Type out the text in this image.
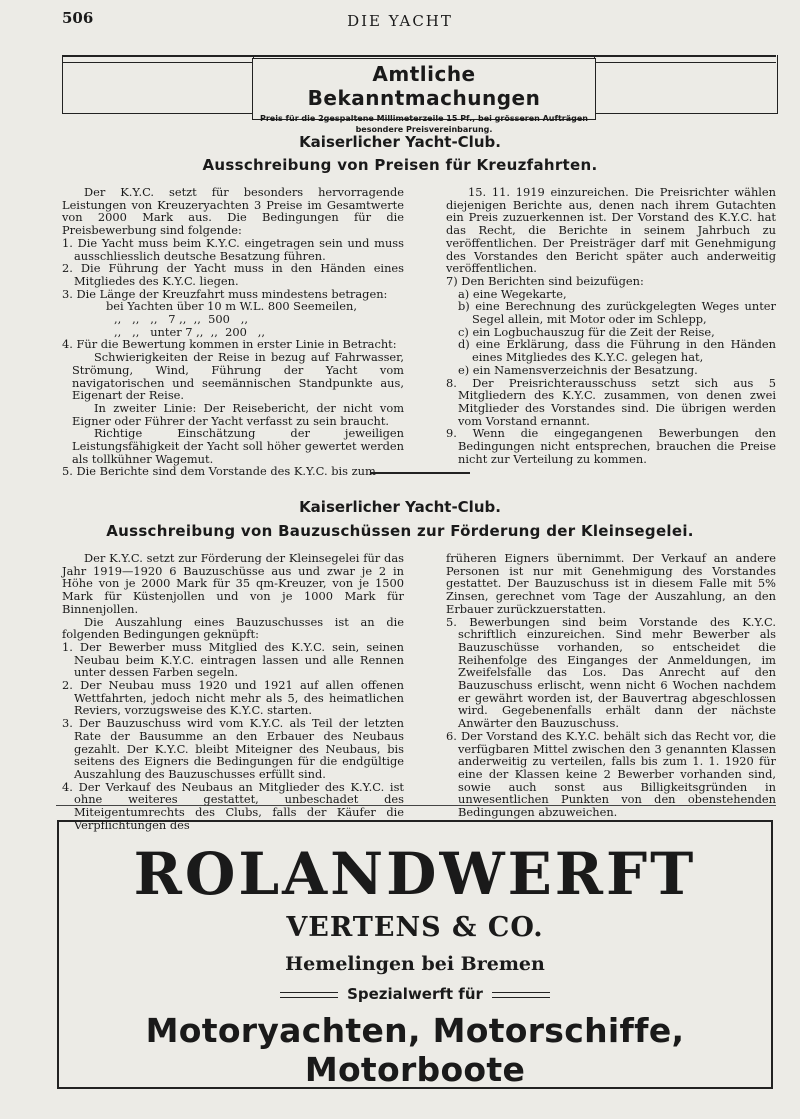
506	DIE YACHT
Amtliche Bekanntmachungen
Preis für die 2gespaltene Millimeterzeile 15 Pf., bei grösseren Aufträgen
besondere Preisvereinbarung.
Kaiserlicher Yacht-Club.
Ausschreibung von Preisen für Kreuzfahrten.

Der K.Y.C. setzt für besonders hervorragende Leistungen von Kreuzeryachten 3 Preise im Gesamtwerte von 2000 Mark aus. Die Bedingungen für die Preisbewerbung sind folgende:

1. Die Yacht muss beim K.Y.C. eingetragen sein und muss ausschliesslich deutsche Besatzung führen.

2. Die Führung der Yacht muss in den Händen eines Mitgliedes des K.Y.C. liegen.

3. Die Länge der Kreuzfahrt muss mindestens betragen:

bei Yachten über 10 m W.L. 800 Seemeilen,

,,   ,,   ,,   7 ,,  ,,  500   ,,

,,   ,,   unter 7 ,,  ,,  200   ,,

4. Für die Bewertung kommen in erster Linie in Betracht:

Schwierigkeiten der Reise in bezug auf Fahrwasser, Strömung, Wind, Führung der Yacht vom navigatorischen und seemännischen Standpunkte aus, Eigenart der Reise.

In zweiter Linie: Der Reisebericht, der nicht vom Eigner oder Führer der Yacht verfasst zu sein braucht.

Richtige Einschätzung der jeweiligen Leistungsfähigkeit der Yacht soll höher gewertet werden als tollkühner Wagemut.

5. Die Berichte sind dem Vorstande des K.Y.C. bis zum

15. 11. 1919 einzureichen. Die Preisrichter wählen diejenigen Berichte aus, denen nach ihrem Gutachten ein Preis zuzuerkennen ist. Der Vorstand des K.Y.C. hat das Recht, die Berichte in seinem Jahrbuch zu veröffentlichen. Der Preisträger darf mit Genehmigung des Vorstandes den Bericht später auch anderweitig veröffentlichen.

7) Den Berichten sind beizufügen:

a) eine Wegekarte,

b) eine Berechnung des zurückgelegten Weges unter Segel allein, mit Motor oder im Schlepp,

c) ein Logbuchauszug für die Zeit der Reise,

d) eine Erklärung, dass die Führung in den Händen eines Mitgliedes des K.Y.C. gelegen hat,

e) ein Namensverzeichnis der Besatzung.

8. Der Preisrichterausschuss setzt sich aus 5 Mitgliedern des K.Y.C. zusammen, von denen zwei Mitglieder des Vorstandes sind. Die übrigen werden vom Vorstand ernannt.

9. Wenn die eingegangenen Bewerbungen den Bedingungen nicht entsprechen, brauchen die Preise nicht zur Verteilung zu kommen.

Kaiserlicher Yacht-Club.
Ausschreibung von Bauzuschüssen zur Förderung der Kleinsegelei.

Der K.Y.C. setzt zur Förderung der Kleinsegelei für das Jahr 1919—1920 6 Bauzuschüsse aus und zwar je 2 in Höhe von je 2000 Mark für 35 qm-Kreuzer, von je 1500 Mark für Küstenjollen und von je 1000 Mark für Binnenjollen.

Die Auszahlung eines Bauzuschusses ist an die folgenden Bedingungen geknüpft:

1. Der Bewerber muss Mitglied des K.Y.C. sein, seinen Neubau beim K.Y.C. eintragen lassen und alle Rennen unter dessen Farben segeln.

2. Der Neubau muss 1920 und 1921 auf allen offenen Wettfahrten, jedoch nicht mehr als 5, des heimatlichen Reviers, vorzugsweise des K.Y.C. starten.

3. Der Bauzuschuss wird vom K.Y.C. als Teil der letzten Rate der Bausumme an den Erbauer des Neubaus gezahlt. Der K.Y.C. bleibt Miteigner des Neubaus, bis seitens des Eigners die Bedingungen für die endgültige Auszahlung des Bauzuschusses erfüllt sind.

4. Der Verkauf des Neubaus an Mitglieder des K.Y.C. ist ohne weiteres gestattet, unbeschadet des Miteigentumrechts des Clubs, falls der Käufer die Verpflichtungen des

früheren Eigners übernimmt. Der Verkauf an andere Personen ist nur mit Genehmigung des Vorstandes gestattet. Der Bauzuschuss ist in diesem Falle mit 5% Zinsen, gerechnet vom Tage der Auszahlung, an den Erbauer zurückzuerstatten.

5. Bewerbungen sind beim Vorstande des K.Y.C. schriftlich einzureichen. Sind mehr Bewerber als Bauzuschüsse vorhanden, so entscheidet die Reihenfolge des Einganges der Anmeldungen, im Zweifelsfalle das Los. Das Anrecht auf den Bauzuschuss erlischt, wenn nicht 6 Wochen nachdem er gewährt worden ist, der Bauvertrag abgeschlossen wird. Gegebenenfalls erhält dann der nächste Anwärter den Bauzuschuss.

6. Der Vorstand des K.Y.C. behält sich das Recht vor, die verfügbaren Mittel zwischen den 3 genannten Klassen anderweitig zu verteilen, falls bis zum 1. 1. 1920 für eine der Klassen keine 2 Bewerber vorhanden sind, sowie auch sonst aus Billigkeitsgründen in unwesentlichen Punkten von den obenstehenden Bedingungen abzuweichen.

ROLANDWERFT
VERTENS & CO.
Hemelingen bei Bremen
Spezialwerft für
Motoryachten, Motorschiffe, Motorboote
